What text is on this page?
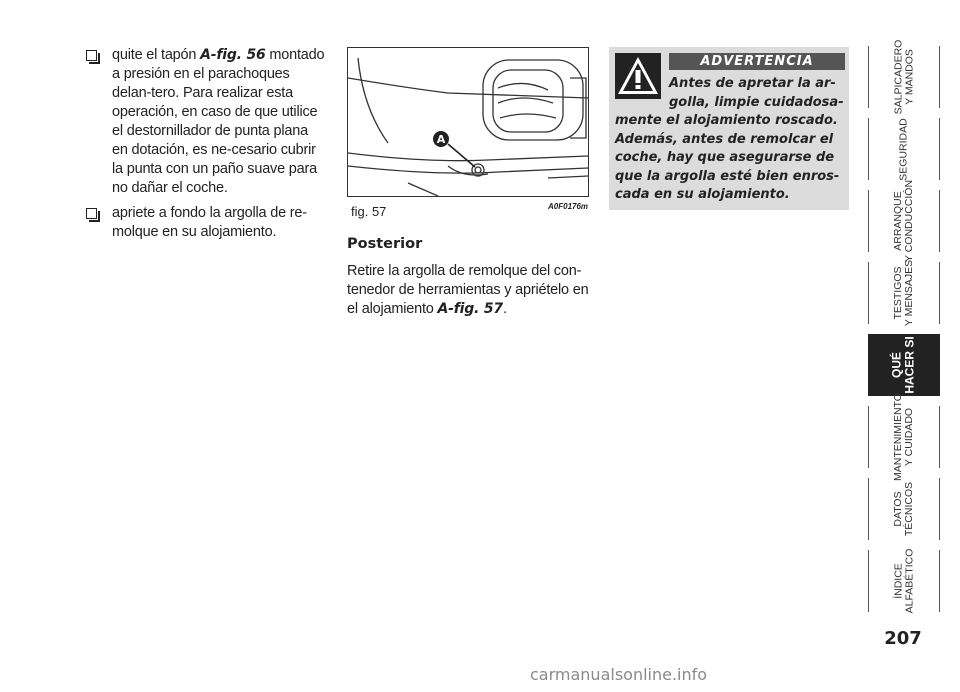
quite el tapón A-fig. 56 montado a presión en el parachoques delan-tero. Para realizar esta operación, en caso de que utilice el destornillador de punta plana en dotación, es ne-cesario cubrir la punta con un paño suave para no dañar el coche.
apriete a fondo la argolla de re-molque en su alojamiento.
A
fig. 57	A0F0176m
Posterior
Retire la argolla de remolque del con-tenedor de herramientas y apriételo en el alojamiento A-fig. 57.
ADVERTENCIA
Antes de apretar la ar-golla, limpie cuidadosa-
mente el alojamiento roscado. Además, antes de remolcar el coche, hay que asegurarse de que la argolla esté bien enros-cada en su alojamiento.
SALPICADERO
Y MANDOS
SEGURIDAD
ARRANQUE
Y CONDUCCIÓN
TESTIGOS
Y MENSAJES
QUÉ
HACER SI
MANTENIMIENTO
Y CUIDADO
DATOS
TÉCNICOS
ÍNDICE
ALFABÉTICO
207
carmanualsonline.info
